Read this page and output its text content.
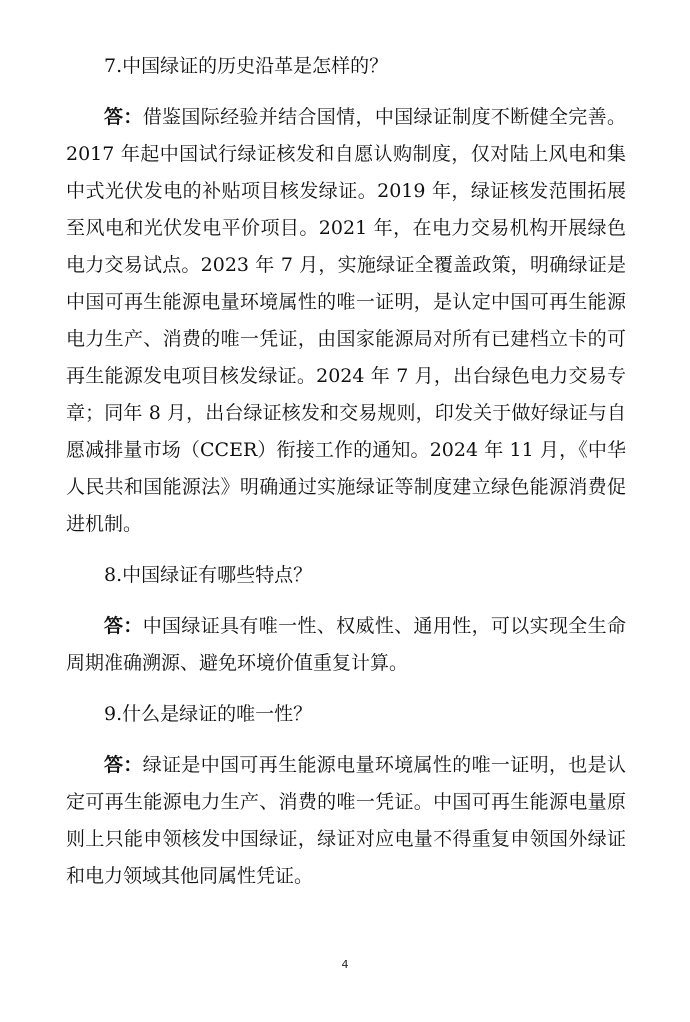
7.中国绿证的历史沿革是怎样的？

答：借鉴国际经验并结合国情，中国绿证制度不断健全完善。2017 年起中国试行绿证核发和自愿认购制度，仅对陆上风电和集中式光伏发电的补贴项目核发绿证。2019 年，绿证核发范围拓展至风电和光伏发电平价项目。2021 年，在电力交易机构开展绿色电力交易试点。2023 年 7 月，实施绿证全覆盖政策，明确绿证是中国可再生能源电量环境属性的唯一证明，是认定中国可再生能源电力生产、消费的唯一凭证，由国家能源局对所有已建档立卡的可再生能源发电项目核发绿证。2024 年 7 月，出台绿色电力交易专章；同年 8 月，出台绿证核发和交易规则，印发关于做好绿证与自愿减排量市场（CCER）衔接工作的通知。2024 年 11 月，《中华人民共和国能源法》明确通过实施绿证等制度建立绿色能源消费促进机制。

8.中国绿证有哪些特点？

答：中国绿证具有唯一性、权威性、通用性，可以实现全生命周期准确溯源、避免环境价值重复计算。

9.什么是绿证的唯一性？

答：绿证是中国可再生能源电量环境属性的唯一证明，也是认定可再生能源电力生产、消费的唯一凭证。中国可再生能源电量原则上只能申领核发中国绿证，绿证对应电量不得重复申领国外绿证和电力领域其他同属性凭证。

4
